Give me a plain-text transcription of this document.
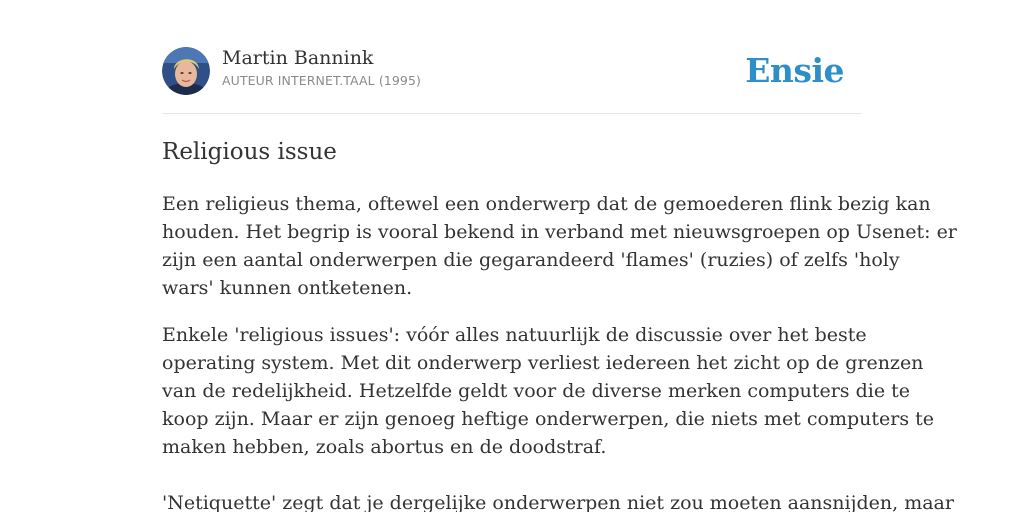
Martin Bannink
AUTEUR INTERNET.TAAL (1995)	Ensie
Religious issue

Een religieus thema, oftewel een onderwerp dat de gemoederen flink bezig kan
houden. Het begrip is vooral bekend in verband met nieuwsgroepen op Usenet: er
zijn een aantal onderwerpen die gegarandeerd 'flames' (ruzies) of zelfs 'holy
wars' kunnen ontketenen.

Enkele 'religious issues': vóór alles natuurlijk de discussie over het beste
operating system. Met dit onderwerp verliest iedereen het zicht op de grenzen
van de redelijkheid. Hetzelfde geldt voor de diverse merken computers die te
koop zijn. Maar er zijn genoeg heftige onderwerpen, die niets met computers te
maken hebben, zoals abortus en de doodstraf.

'Netiquette' zegt dat je dergelijke onderwerpen niet zou moeten aansnijden, maar
